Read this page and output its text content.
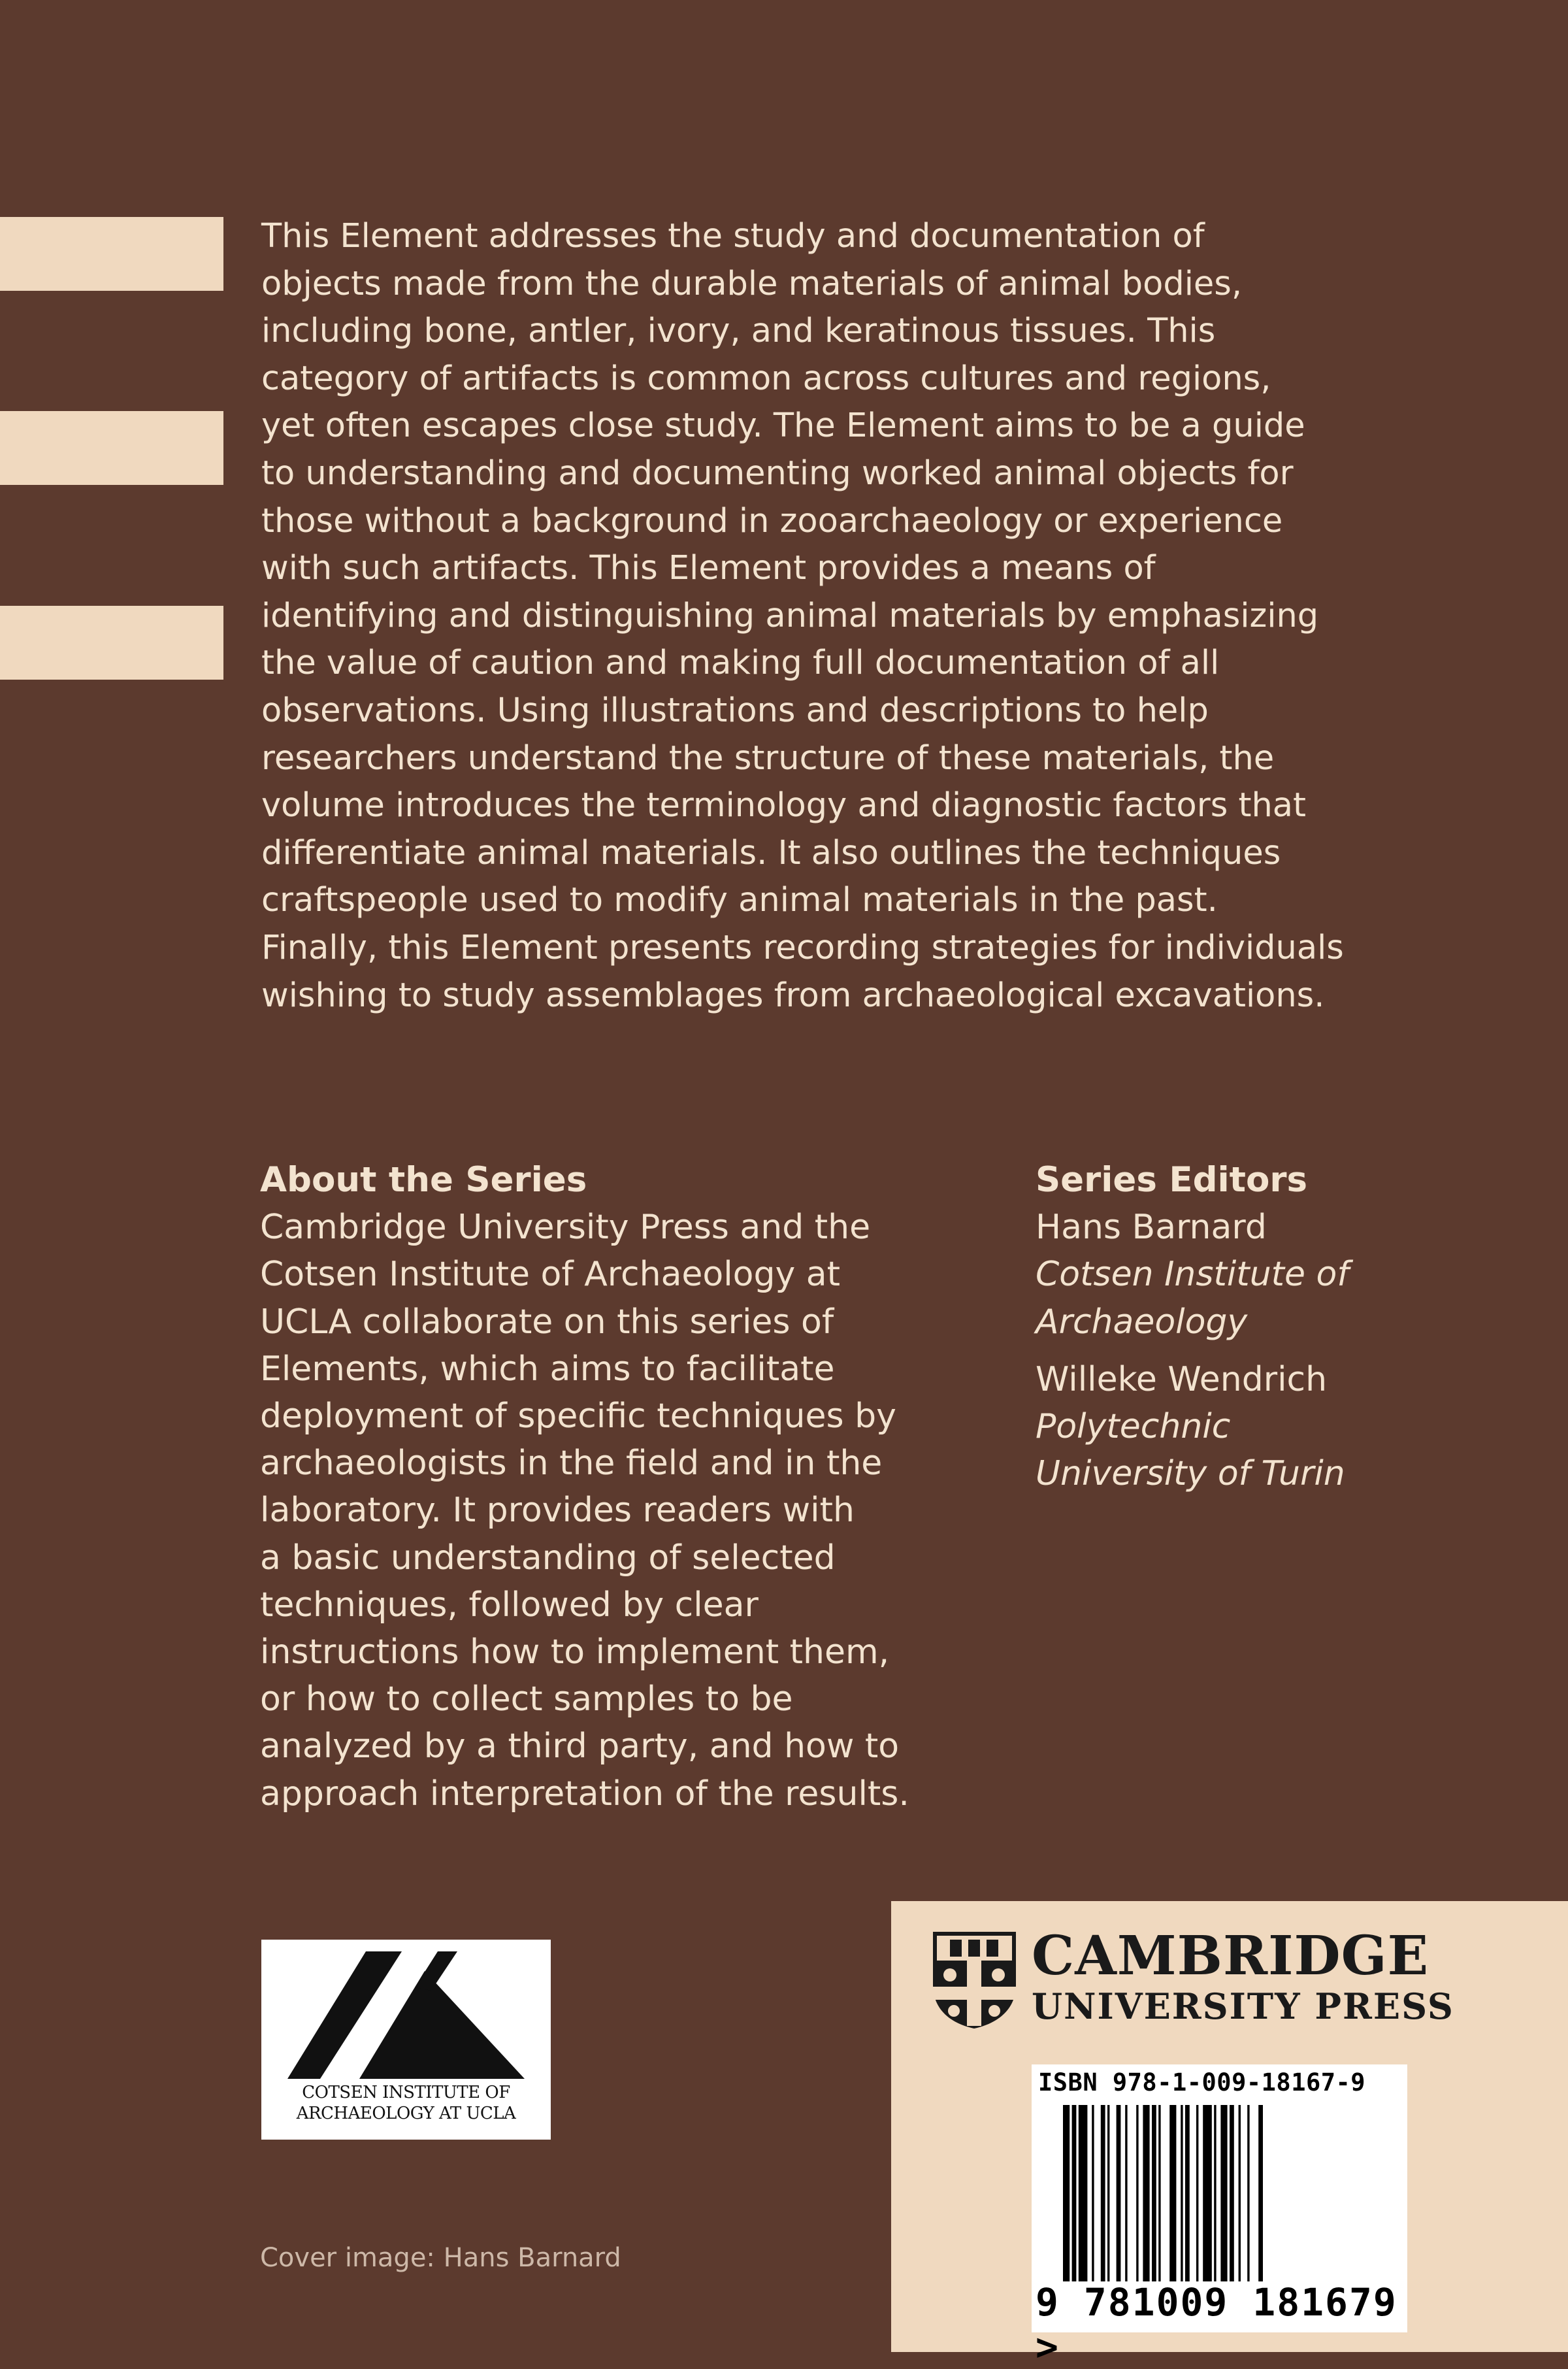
This Element addresses the study and documentation of
objects made from the durable materials of animal bodies,
including bone, antler, ivory, and keratinous tissues. This
category of artifacts is common across cultures and regions,
yet often escapes close study. The Element aims to be a guide
to understanding and documenting worked animal objects for
those without a background in zooarchaeology or experience
with such artifacts. This Element provides a means of
identifying and distinguishing animal materials by emphasizing
the value of caution and making full documentation of all
observations. Using illustrations and descriptions to help
researchers understand the structure of these materials, the
volume introduces the terminology and diagnostic factors that
differentiate animal materials. It also outlines the techniques
craftspeople used to modify animal materials in the past.
Finally, this Element presents recording strategies for individuals
wishing to study assemblages from archaeological excavations.
About the Series
Cambridge University Press and the
Cotsen Institute of Archaeology at
UCLA collaborate on this series of
Elements, which aims to facilitate
deployment of specific techniques by
archaeologists in the field and in the
laboratory. It provides readers with
a basic understanding of selected
techniques, followed by clear
instructions how to implement them,
or how to collect samples to be
analyzed by a third party, and how to
approach interpretation of the results.
Series Editors
Hans Barnard
Cotsen Institute of
Archaeology
Willeke Wendrich
Polytechnic
University of Turin
COTSEN INSTITUTE OF
ARCHAEOLOGY AT UCLA
Cover image: Hans Barnard
CAMBRIDGE
UNIVERSITY PRESS
ISBN 978-1-009-18167-9
9 781009 181679 >
